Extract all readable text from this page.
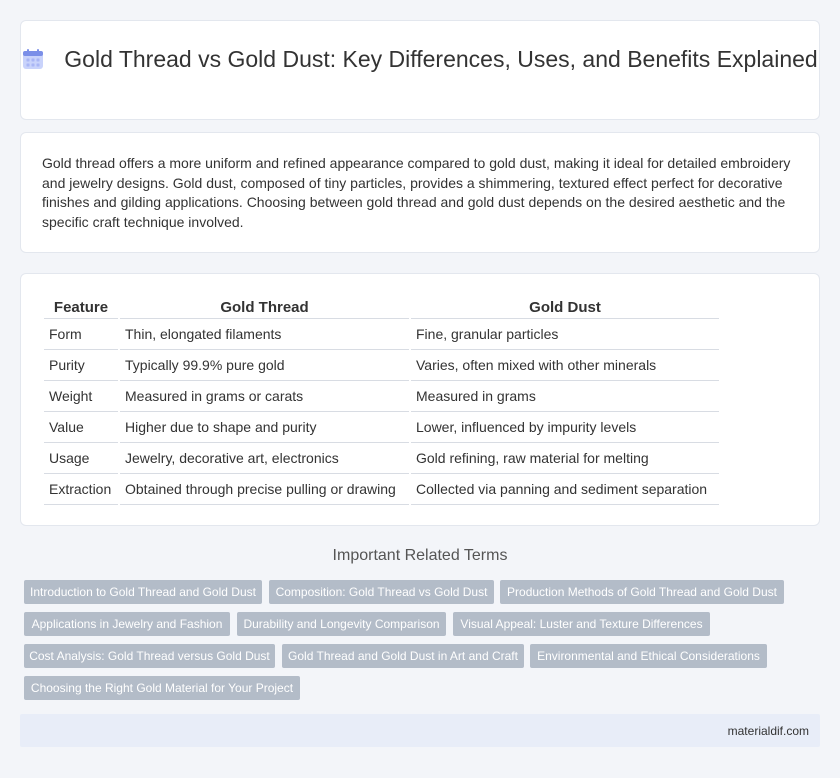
Gold Thread vs Gold Dust: Key Differences, Uses, and Benefits Explained

Gold thread offers a more uniform and refined appearance compared to gold dust, making it ideal for detailed embroidery and jewelry designs. Gold dust, composed of tiny particles, provides a shimmering, textured effect perfect for decorative finishes and gilding applications. Choosing between gold thread and gold dust depends on the desired aesthetic and the specific craft technique involved.

Feature	Gold Thread	Gold Dust
Form	Thin, elongated filaments	Fine, granular particles
Purity	Typically 99.9% pure gold	Varies, often mixed with other minerals
Weight	Measured in grams or carats	Measured in grams
Value	Higher due to shape and purity	Lower, influenced by impurity levels
Usage	Jewelry, decorative art, electronics	Gold refining, raw material for melting
Extraction	Obtained through precise pulling or drawing	Collected via panning and sediment separation
Important Related Terms
Introduction to Gold Thread and Gold Dust	Composition: Gold Thread vs Gold Dust	Production Methods of Gold Thread and Gold Dust
Applications in Jewelry and Fashion	Durability and Longevity Comparison	Visual Appeal: Luster and Texture Differences
Cost Analysis: Gold Thread versus Gold Dust	Gold Thread and Gold Dust in Art and Craft	Environmental and Ethical Considerations
Choosing the Right Gold Material for Your Project
materialdif.com
